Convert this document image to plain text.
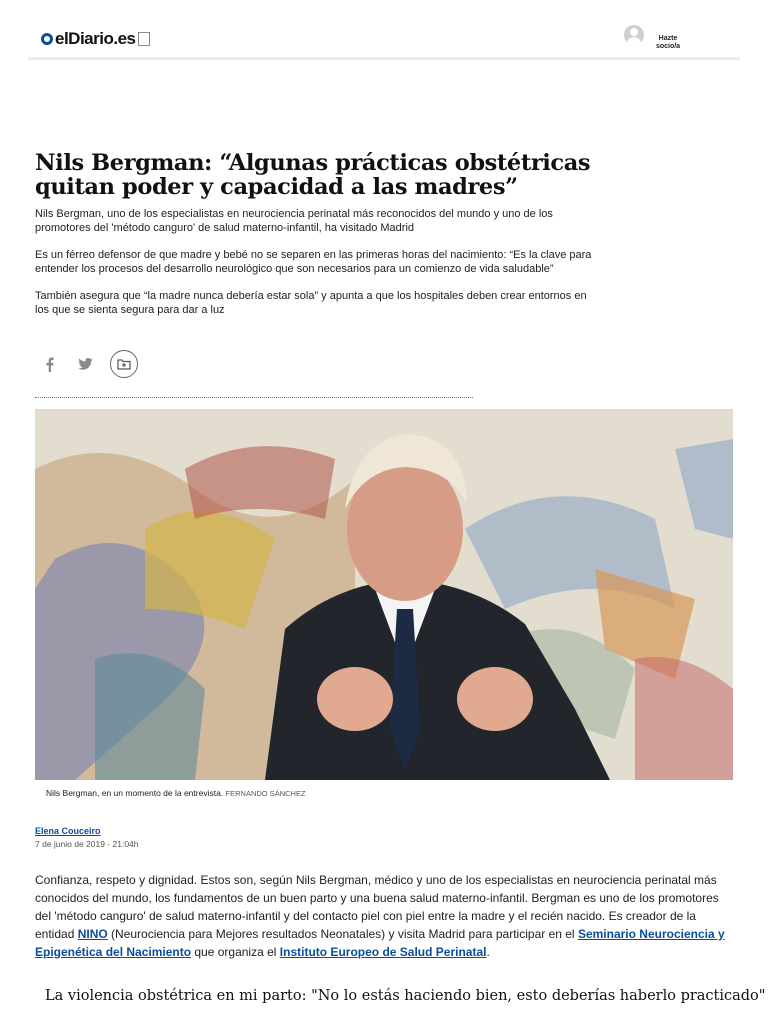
elDiario.es	Hazte socio/a
Nils Bergman: “Algunas prácticas obstétricas quitan poder y capacidad a las madres”

Nils Bergman, uno de los especialistas en neurociencia perinatal más reconocidos del mundo y uno de los promotores del 'método canguro' de salud materno-infantil, ha visitado Madrid

Es un férreo defensor de que madre y bebé no se separen en las primeras horas del nacimiento: “Es la clave para entender los procesos del desarrollo neurológico que son necesarios para un comienzo de vida saludable”

También asegura que “la madre nunca debería estar sola” y apunta a que los hospitales deben crear entornos en los que se sienta segura para dar a luz

Nils Bergman, en un momento de la entrevista. FERNANDO SÁNCHEZ
Elena Couceiro
7 de junio de 2019 - 21:04h

Confianza, respeto y dignidad. Estos son, según Nils Bergman, médico y uno de los especialistas en neurociencia perinatal más conocidos del mundo, los fundamentos de un buen parto y una buena salud materno-infantil. Bergman es uno de los promotores del 'método canguro' de salud materno-infantil y del contacto piel con piel entre la madre y el recién nacido. Es creador de la entidad NINO (Neurociencia para Mejores resultados Neonatales) y visita Madrid para participar en el Seminario Neurociencia y Epigenética del Nacimiento que organiza el Instituto Europeo de Salud Perinatal.

La violencia obstétrica en mi parto: "No lo estás haciendo bien, esto deberías haberlo practicado"
